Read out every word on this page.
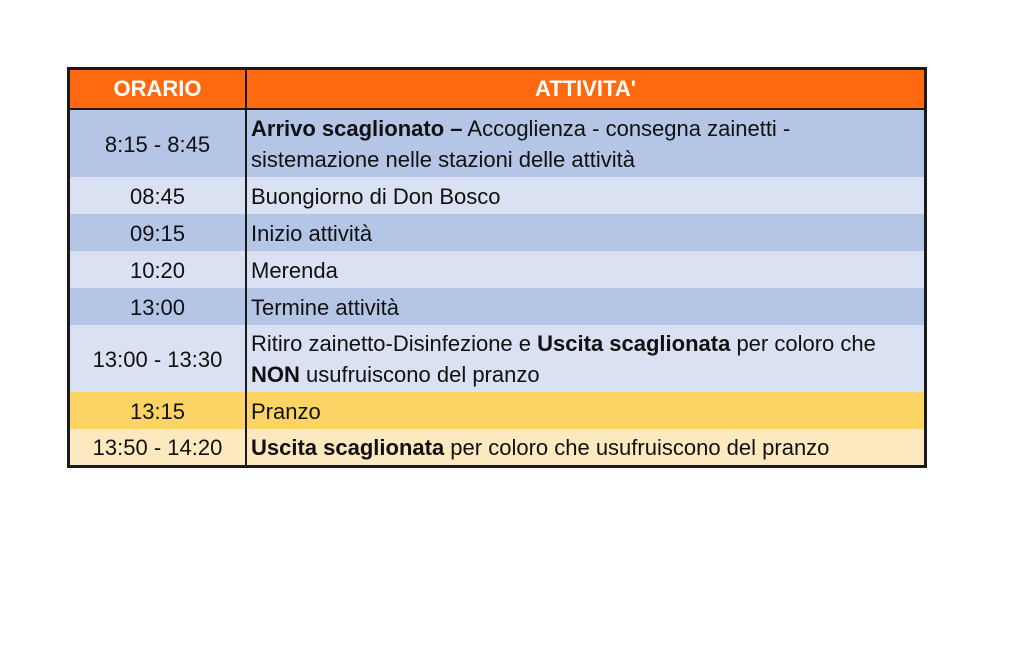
ORARIO	ATTIVITA'
8:15 - 8:45	Arrivo scaglionato – Accoglienza - consegna zainetti - sistemazione nelle stazioni delle attività
08:45	Buongiorno di Don Bosco
09:15	Inizio attività
10:20	Merenda
13:00	Termine attività
13:00 - 13:30	Ritiro zainetto-Disinfezione e Uscita scaglionata per coloro che NON usufruiscono del pranzo
13:15	Pranzo
13:50 - 14:20	Uscita scaglionata per coloro che usufruiscono del pranzo
